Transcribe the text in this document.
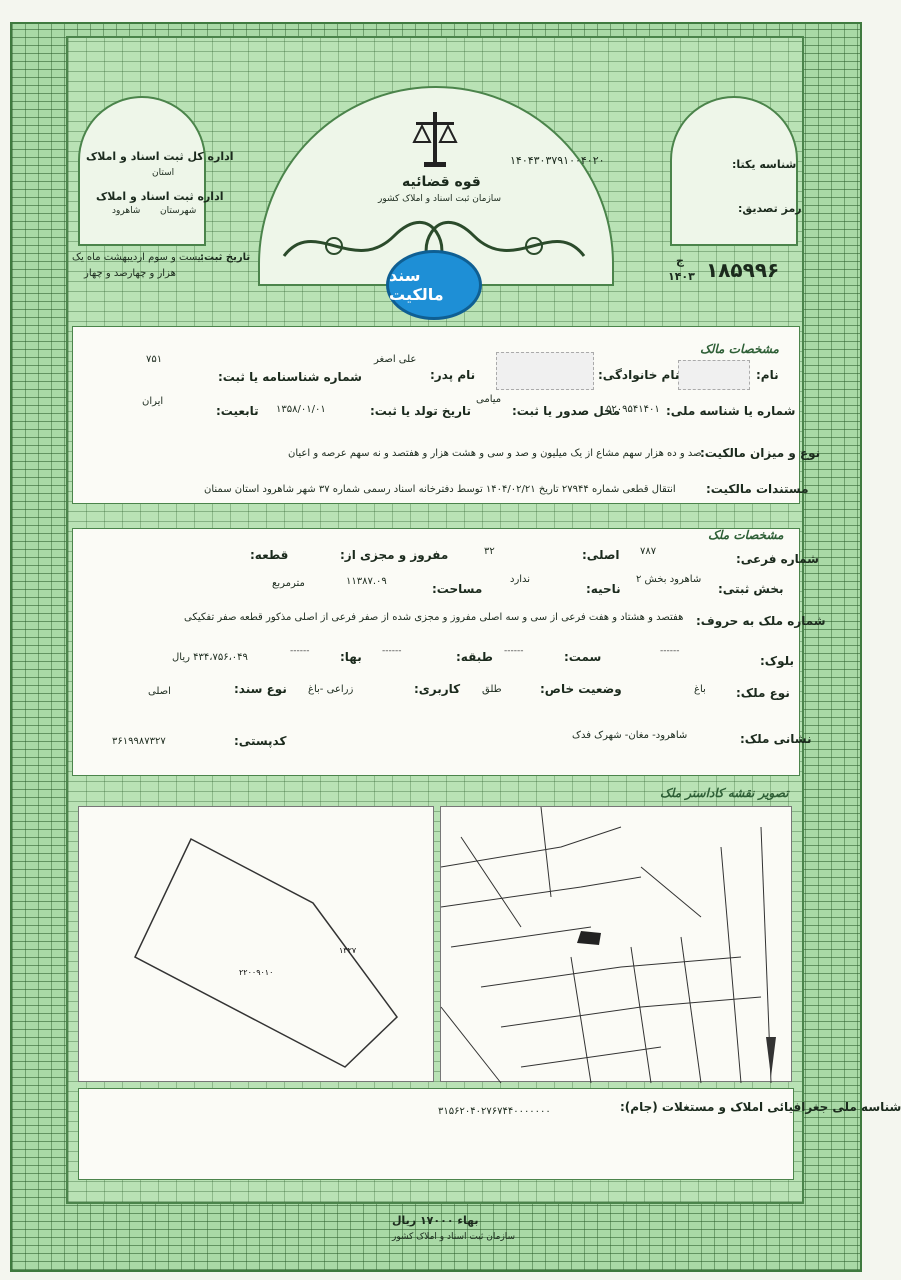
اداره کل ثبت اسناد و املاک
استان
اداره ثبت اسناد و املاک
شاهرود شهرستان
بیست و سوم اردیبهشت ماه یک
تاریخ ثبت:
هزار و چهارصد و چهار
قوه قضائیه
سازمان ثبت اسناد و املاک کشور
سند مالکیت
۱۴۰۴۳۰۳۷۹۱۰۰۴۰۲۰	شناسه یکتا:
رمز تصدیق:
ج
۱۴۰۳ ۱۸۵۹۹۶
مشخصات مالک
نام:
نام خانوادگی:
نام پدر:
علی اصغر
شماره شناسنامه یا ثبت:
۷۵۱
شماره یا شناسه ملی:
۵۲۰۹۵۴۱۴۰۱
محل صدور یا ثبت:
میامی
تاریخ تولد یا ثبت:
۱۳۵۸/۰۱/۰۱
تابعیت:
ایران
نوع و میزان مالکیت:
صد و ده هزار سهم مشاع از یک میلیون و صد و سی و هشت هزار و هفتصد و نه سهم عرصه و اعیان
مستندات مالکیت:
انتقال قطعی شماره ۲۷۹۴۴ تاریخ ۱۴۰۴/۰۲/۲۱ توسط دفترخانه اسناد رسمی شماره ۳۷ شهر شاهرود استان سمنان
مشخصات ملک
شماره فرعی:
۷۸۷
اصلی:
۳۲
مفروز و مجزی از:
قطعه:
بخش ثبتی:
شاهرود بخش ۲
ناحیه:
ندارد
مساحت:
۱۱۳۸۷.۰۹
مترمربع
شماره ملک به حروف:
هفتصد و هشتاد و هفت فرعی از سی و سه اصلی مفروز و مجزی شده از صفر فرعی از اصلی مذکور قطعه صفر تفکیکی
بلوک:
------
سمت:
------
طبقه:
------
بها:
------
۴۳۴،۷۵۶،۰۴۹ ریال
نوع ملک:
باغ
وضعیت خاص:
طلق
کاربری:
زراعی -باغ
نوع سند:
اصلی
نشانی ملک:
شاهرود- مغان- شهرک فدک
کدپستی:
۳۶۱۹۹۸۷۳۲۷
تصویر نقشه کاداستر ملک
۲۲۰۰۹۰۱۰
۱۳۲۷
شناسه ملی جغرافیائی املاک و مستغلات (جام):
۳۱۵۶۲۰۴۰۲۷۶۷۴۴۰۰۰۰۰۰۰
بهاء ۱۷۰۰۰ ریال
سازمان ثبت اسناد و املاک کشور
